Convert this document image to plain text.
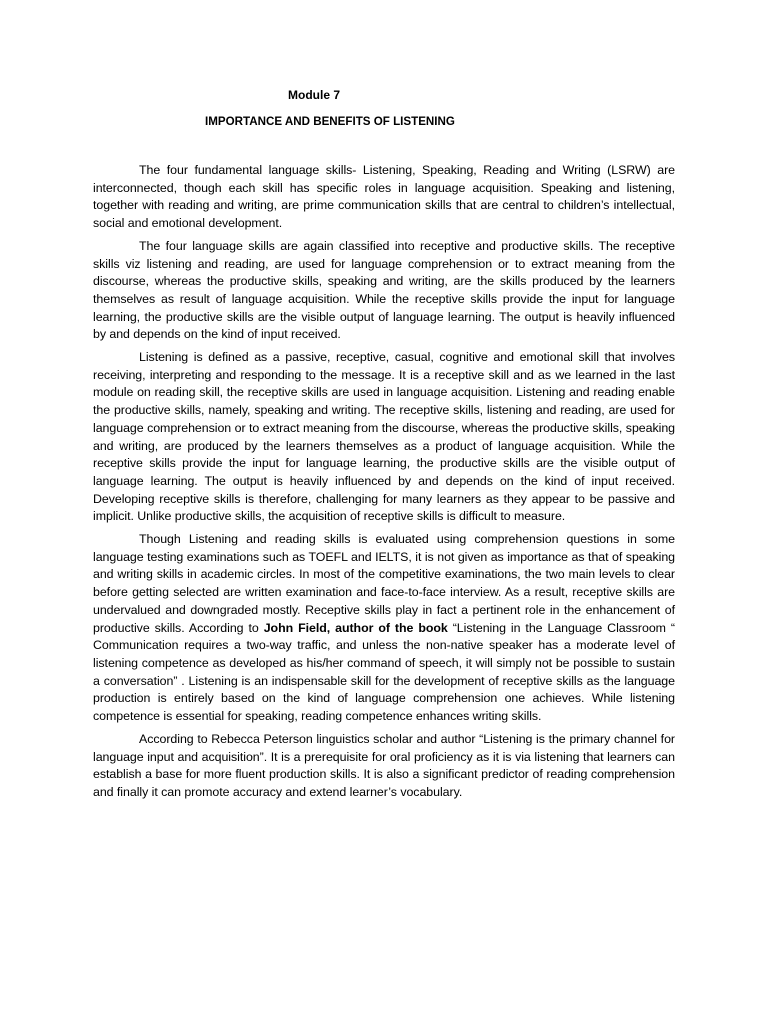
Module 7
IMPORTANCE AND BENEFITS OF LISTENING

The four fundamental language skills- Listening, Speaking, Reading and Writing (LSRW) are interconnected, though each skill has specific roles in language acquisition. Speaking and listening, together with reading and writing, are prime communication skills that are central to children’s intellectual, social and emotional development.

The four language skills are again classified into receptive and productive skills. The receptive skills viz listening and reading, are used for language comprehension or to extract meaning from the discourse, whereas the productive skills, speaking and writing, are the skills produced by the learners themselves as result of language acquisition. While the receptive skills provide the input for language learning, the productive skills are the visible output of language learning. The output is heavily influenced by and depends on the kind of input received.

Listening is defined as a passive, receptive, casual, cognitive and emotional skill that involves receiving, interpreting and responding to the message. It is a receptive skill and as we learned in the last module on reading skill, the receptive skills are used in language acquisition. Listening and reading enable the productive skills, namely, speaking and writing. The receptive skills, listening and reading, are used for language comprehension or to extract meaning from the discourse, whereas the productive skills, speaking and writing, are produced by the learners themselves as a product of language acquisition. While the receptive skills provide the input for language learning, the productive skills are the visible output of language learning. The output is heavily influenced by and depends on the kind of input received. Developing receptive skills is therefore, challenging for many learners as they appear to be passive and implicit. Unlike productive skills, the acquisition of receptive skills is difficult to measure.

Though Listening and reading skills is evaluated using comprehension questions in some language testing examinations such as TOEFL and IELTS, it is not given as importance as that of speaking and writing skills in academic circles. In most of the competitive examinations, the two main levels to clear before getting selected are written examination and face-to-face interview. As a result, receptive skills are undervalued and downgraded mostly. Receptive skills play in fact a pertinent role in the enhancement of productive skills. According to John Field, author of the book “Listening in the Language Classroom “ Communication requires a two-way traffic, and unless the non-native speaker has a moderate level of listening competence as developed as his/her command of speech, it will simply not be possible to sustain a conversation” . Listening is an indispensable skill for the development of receptive skills as the language production is entirely based on the kind of language comprehension one achieves. While listening competence is essential for speaking, reading competence enhances writing skills.

According to Rebecca Peterson linguistics scholar and author “Listening is the primary channel for language input and acquisition”. It is a prerequisite for oral proficiency as it is via listening that learners can establish a base for more fluent production skills. It is also a significant predictor of reading comprehension and finally it can promote accuracy and extend learner’s vocabulary.
